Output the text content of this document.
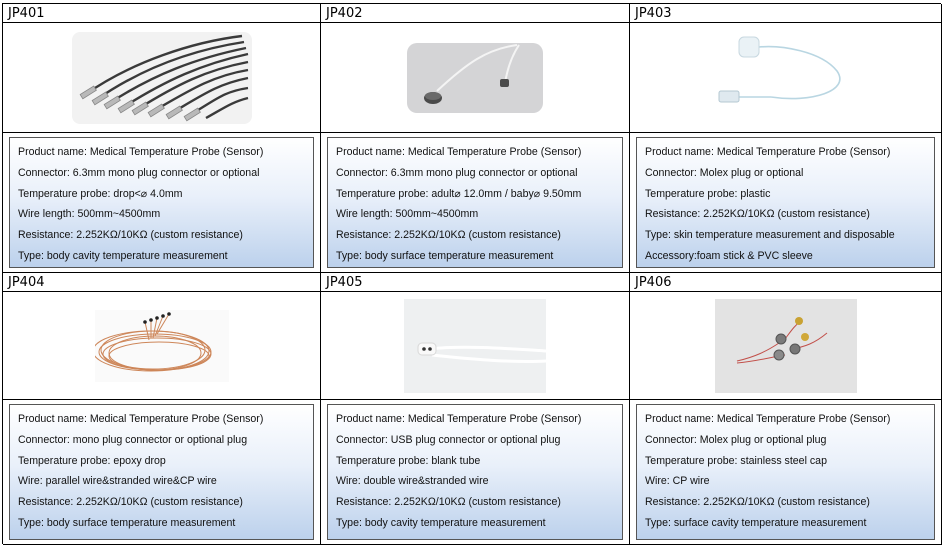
JP401	JP402	JP403
Product name: Medical Temperature Probe (Sensor)
Connector: 6.3mm mono plug connector or optional
Temperature probe: drop<⌀ 4.0mm
Wire length: 500mm~4500mm
Resistance: 2.252KΩ/10KΩ (custom resistance)
Type: body cavity temperature measurement
Product name: Medical Temperature Probe (Sensor)
Connector: 6.3mm mono plug connector or optional
Temperature probe: adult⌀ 12.0mm / baby⌀ 9.50mm
Wire length: 500mm~4500mm
Resistance: 2.252KΩ/10KΩ (custom resistance)
Type: body surface temperature measurement
Product name: Medical Temperature Probe (Sensor)
Connector: Molex plug or optional
Temperature probe: plastic
Resistance: 2.252KΩ/10KΩ (custom resistance)
Type: skin temperature measurement and disposable
Accessory:foam stick & PVC sleeve
JP404	JP405	JP406
Product name: Medical Temperature Probe (Sensor)
Connector: mono plug connector or optional plug
Temperature probe: epoxy drop
Wire: parallel wire&stranded wire&CP wire
Resistance: 2.252KΩ/10KΩ (custom resistance)
Type: body surface temperature measurement
Product name: Medical Temperature Probe (Sensor)
Connector: USB plug connector or optional plug
Temperature probe: blank tube
Wire: double wire&stranded wire
Resistance: 2.252KΩ/10KΩ (custom resistance)
Type: body cavity temperature measurement
Product name: Medical Temperature Probe (Sensor)
Connector: Molex plug or optional plug
Temperature probe: stainless steel cap
Wire: CP wire
Resistance: 2.252KΩ/10KΩ (custom resistance)
Type: surface cavity temperature measurement
